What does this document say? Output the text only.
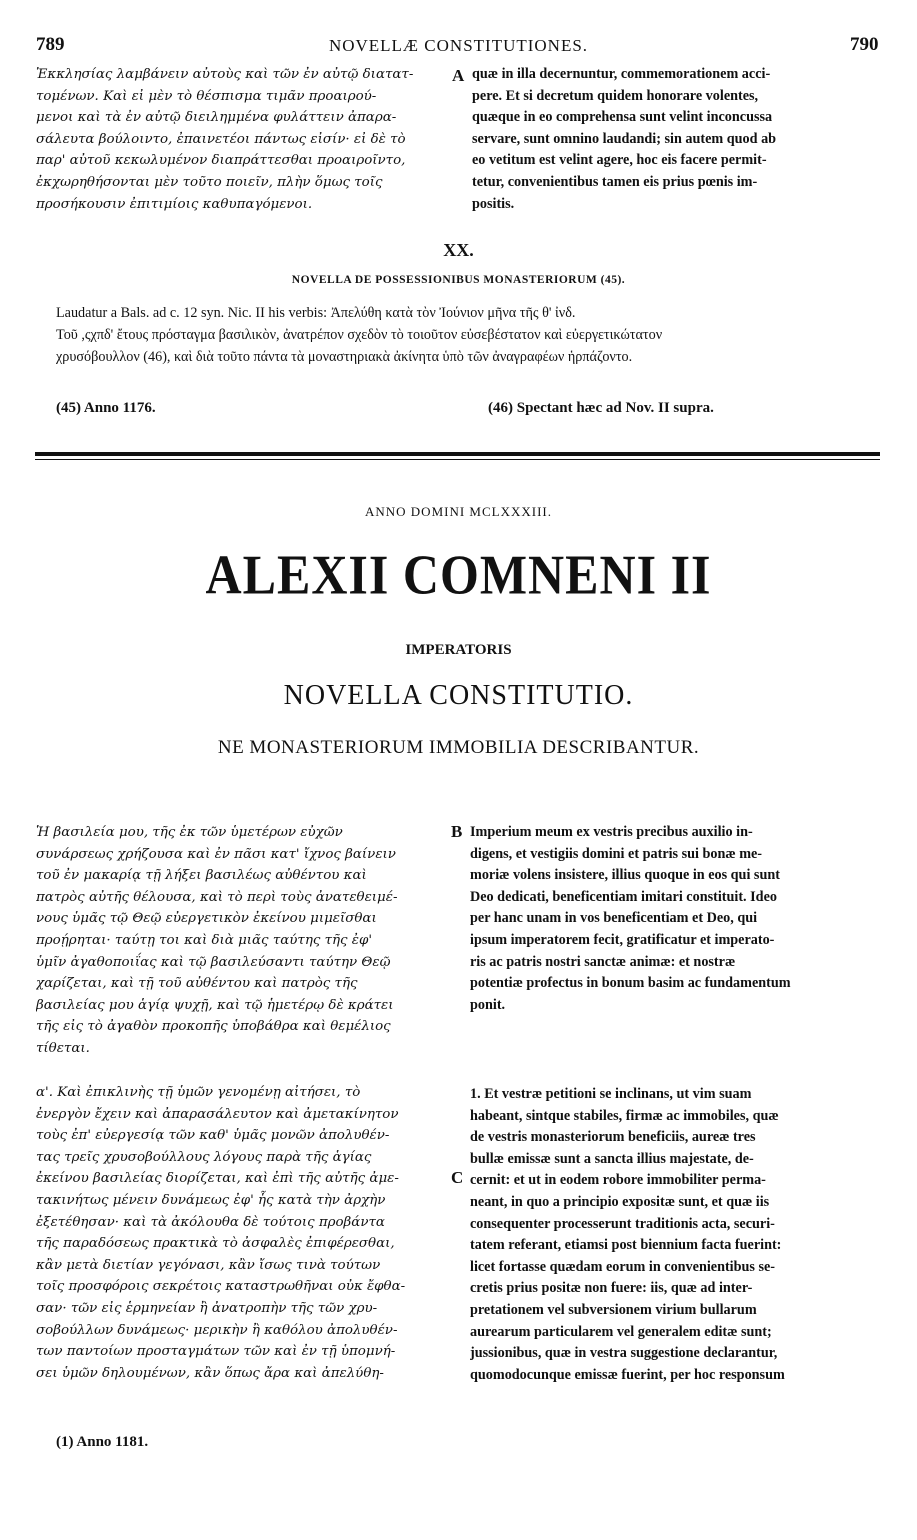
789	NOVELLÆ CONSTITUTIONES.	790
Ἐκκλησίας λαμβάνειν αὐτοὺς καὶ τῶν ἐν αὐτῷ διατατ-
τομένων. Καὶ εἰ μὲν τὸ θέσπισμα τιμᾶν προαιρού-
μενοι καὶ τὰ ἐν αὐτῷ διειλημμένα φυλάττειν ἀπαρα-
σάλευτα βούλοιντο, ἐπαινετέοι πάντως εἰσίν· εἰ δὲ τὸ
παρ' αὐτοῦ κεκωλυμένον διαπράττεσθαι προαιροῖντο,
ἐκχωρηθήσονται μὲν τοῦτο ποιεῖν, πλὴν ὅμως τοῖς
προσήκουσιν ἐπιτιμίοις καθυπαγόμενοι.
A quæ in illa decernuntur, commemorationem acci-
pere. Et si decretum quidem honorare volentes,
quæque in eo comprehensa sunt velint inconcussa
servare, sunt omnino laudandi; sin autem quod ab
eo vetitum est velint agere, hoc eis facere permit-
tetur, convenientibus tamen eis prius pœnis im-
positis.
XX.
NOVELLA DE POSSESSIONIBUS MONASTERIORUM (45).
Laudatur a Bals. ad c. 12 syn. Nic. II his verbis: Ἀπελύθη κατὰ τὸν Ἰούνιον μῆνα τῆς θ' ἰνδ.
Τοῦ ,ςχπδ' ἔτους πρόσταγμα βασιλικὸν, ἀνατρέπον σχεδὸν τὸ τοιοῦτον εὐσεβέστατον καὶ εὐεργετικώτατον
χρυσόβουλλον (46), καὶ διὰ τοῦτο πάντα τὰ μοναστηριακὰ ἀκίνητα ὑπὸ τῶν ἀναγραφέων ἡρπάζοντο.
(45) Anno 1176.	(46) Spectant hæc ad Nov. II supra.
ANNO DOMINI MCLXXXIII.
ALEXII COMNENI II
IMPERATORIS
NOVELLA CONSTITUTIO.
NE MONASTERIORUM IMMOBILIA DESCRIBANTUR.
Ἡ βασιλεία μου, τῆς ἐκ τῶν ὑμετέρων εὐχῶν
συνάρσεως χρήζουσα καὶ ἐν πᾶσι κατ' ἴχνος βαίνειν
τοῦ ἐν μακαρίᾳ τῇ λήξει βασιλέως αὐθέντου καὶ
πατρὸς αὐτῆς θέλουσα, καὶ τὸ περὶ τοὺς ἀνατεθειμέ-
νους ὑμᾶς τῷ Θεῷ εὐεργετικὸν ἐκείνου μιμεῖσθαι
προῄρηται· ταύτῃ τοι καὶ διὰ μιᾶς ταύτης τῆς ἐφ'
ὑμῖν ἀγαθοποιΐας καὶ τῷ βασιλεύσαντι ταύτην Θεῷ
χαρίζεται, καὶ τῇ τοῦ αὐθέντου καὶ πατρὸς τῆς
βασιλείας μου ἁγίᾳ ψυχῇ, καὶ τῷ ἡμετέρῳ δὲ κράτει
τῆς εἰς τὸ ἀγαθὸν προκοπῆς ὑποβάθρα καὶ θεμέλιος
τίθεται.
α'. Καὶ ἐπικλινὴς τῇ ὑμῶν γενομένῃ αἰτήσει, τὸ
ἐνεργὸν ἔχειν καὶ ἀπαρασάλευτον καὶ ἀμετακίνητον
τοὺς ἐπ' εὐεργεσίᾳ τῶν καθ' ὑμᾶς μονῶν ἀπολυθέν-
τας τρεῖς χρυσοβούλλους λόγους παρὰ τῆς ἁγίας
ἐκείνου βασιλείας διορίζεται, καὶ ἐπὶ τῆς αὐτῆς ἀμε-
τακινήτως μένειν δυνάμεως ἐφ' ἧς κατὰ τὴν ἀρχὴν
ἐξετέθησαν· καὶ τὰ ἀκόλουθα δὲ τούτοις προβάντα
τῆς παραδόσεως πρακτικὰ τὸ ἀσφαλὲς ἐπιφέρεσθαι,
κἂν μετὰ διετίαν γεγόνασι, κἂν ἴσως τινὰ τούτων
τοῖς προσφόροις σεκρέτοις καταστρωθῆναι οὐκ ἔφθα-
σαν· τῶν εἰς ἑρμηνείαν ἢ ἀνατροπὴν τῆς τῶν χρυ-
σοβούλλων δυνάμεως· μερικὴν ἢ καθόλου ἀπολυθέν-
των παντοίων προσταγμάτων τῶν καὶ ἐν τῇ ὑπομνή-
σει ὑμῶν δηλουμένων, κἂν ὅπως ἄρα καὶ ἀπελύθη-
B
C
Imperium meum ex vestris precibus auxilio in-
digens, et vestigiis domini et patris sui bonæ me-
moriæ volens insistere, illius quoque in eos qui sunt
Deo dedicati, beneficentiam imitari constituit. Ideo
per hanc unam in vos beneficentiam et Deo, qui
ipsum imperatorem fecit, gratificatur et imperato-
ris ac patris nostri sanctæ animæ: et nostræ
potentiæ profectus in bonum basim ac fundamentum
ponit.
1. Et vestræ petitioni se inclinans, ut vim suam
habeant, sintque stabiles, firmæ ac immobiles, quæ
de vestris monasteriorum beneficiis, aureæ tres
bullæ emissæ sunt a sancta illius majestate, de-
cernit: et ut in eodem robore immobiliter perma-
neant, in quo a principio expositæ sunt, et quæ iis
consequenter processerunt traditionis acta, securi-
tatem referant, etiamsi post biennium facta fuerint:
licet fortasse quædam eorum in convenientibus se-
cretis prius positæ non fuere: iis, quæ ad inter-
pretationem vel subversionem virium bullarum
aurearum particularem vel generalem editæ sunt;
jussionibus, quæ in vestra suggestione declarantur,
quomodocunque emissæ fuerint, per hoc responsum
(1) Anno 1181.
